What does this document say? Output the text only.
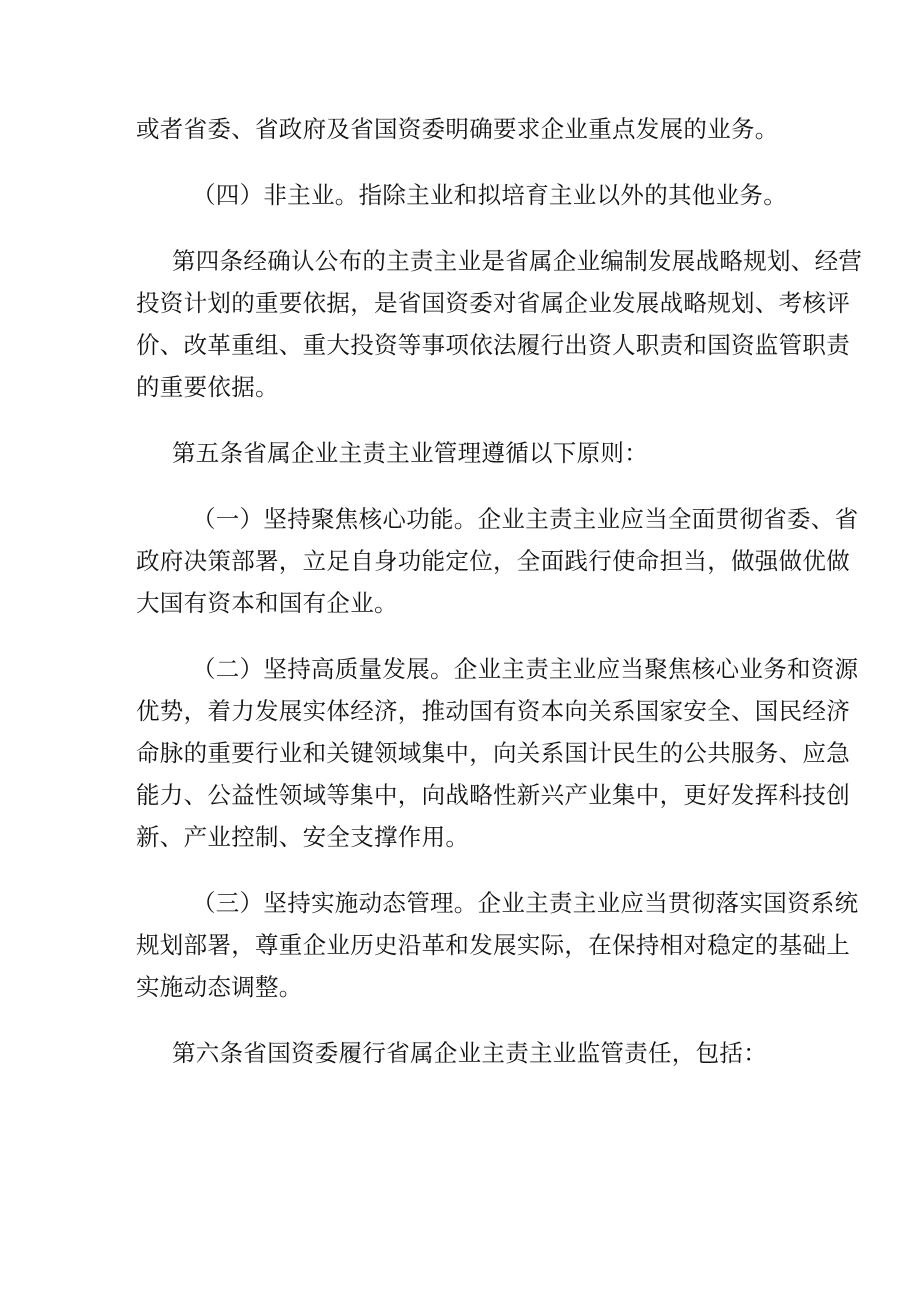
或者省委、省政府及省国资委明确要求企业重点发展的业务。
（四）非主业。指除主业和拟培育主业以外的其他业务。
第四条经确认公布的主责主业是省属企业编制发展战略规划、经营
投资计划的重要依据，是省国资委对省属企业发展战略规划、考核评
价、改革重组、重大投资等事项依法履行出资人职责和国资监管职责
的重要依据。
第五条省属企业主责主业管理遵循以下原则：
（一）坚持聚焦核心功能。企业主责主业应当全面贯彻省委、省
政府决策部署，立足自身功能定位，全面践行使命担当，做强做优做
大国有资本和国有企业。
（二）坚持高质量发展。企业主责主业应当聚焦核心业务和资源
优势，着力发展实体经济，推动国有资本向关系国家安全、国民经济
命脉的重要行业和关键领域集中，向关系国计民生的公共服务、应急
能力、公益性领域等集中，向战略性新兴产业集中，更好发挥科技创
新、产业控制、安全支撑作用。
（三）坚持实施动态管理。企业主责主业应当贯彻落实国资系统
规划部署，尊重企业历史沿革和发展实际，在保持相对稳定的基础上
实施动态调整。
第六条省国资委履行省属企业主责主业监管责任，包括：
